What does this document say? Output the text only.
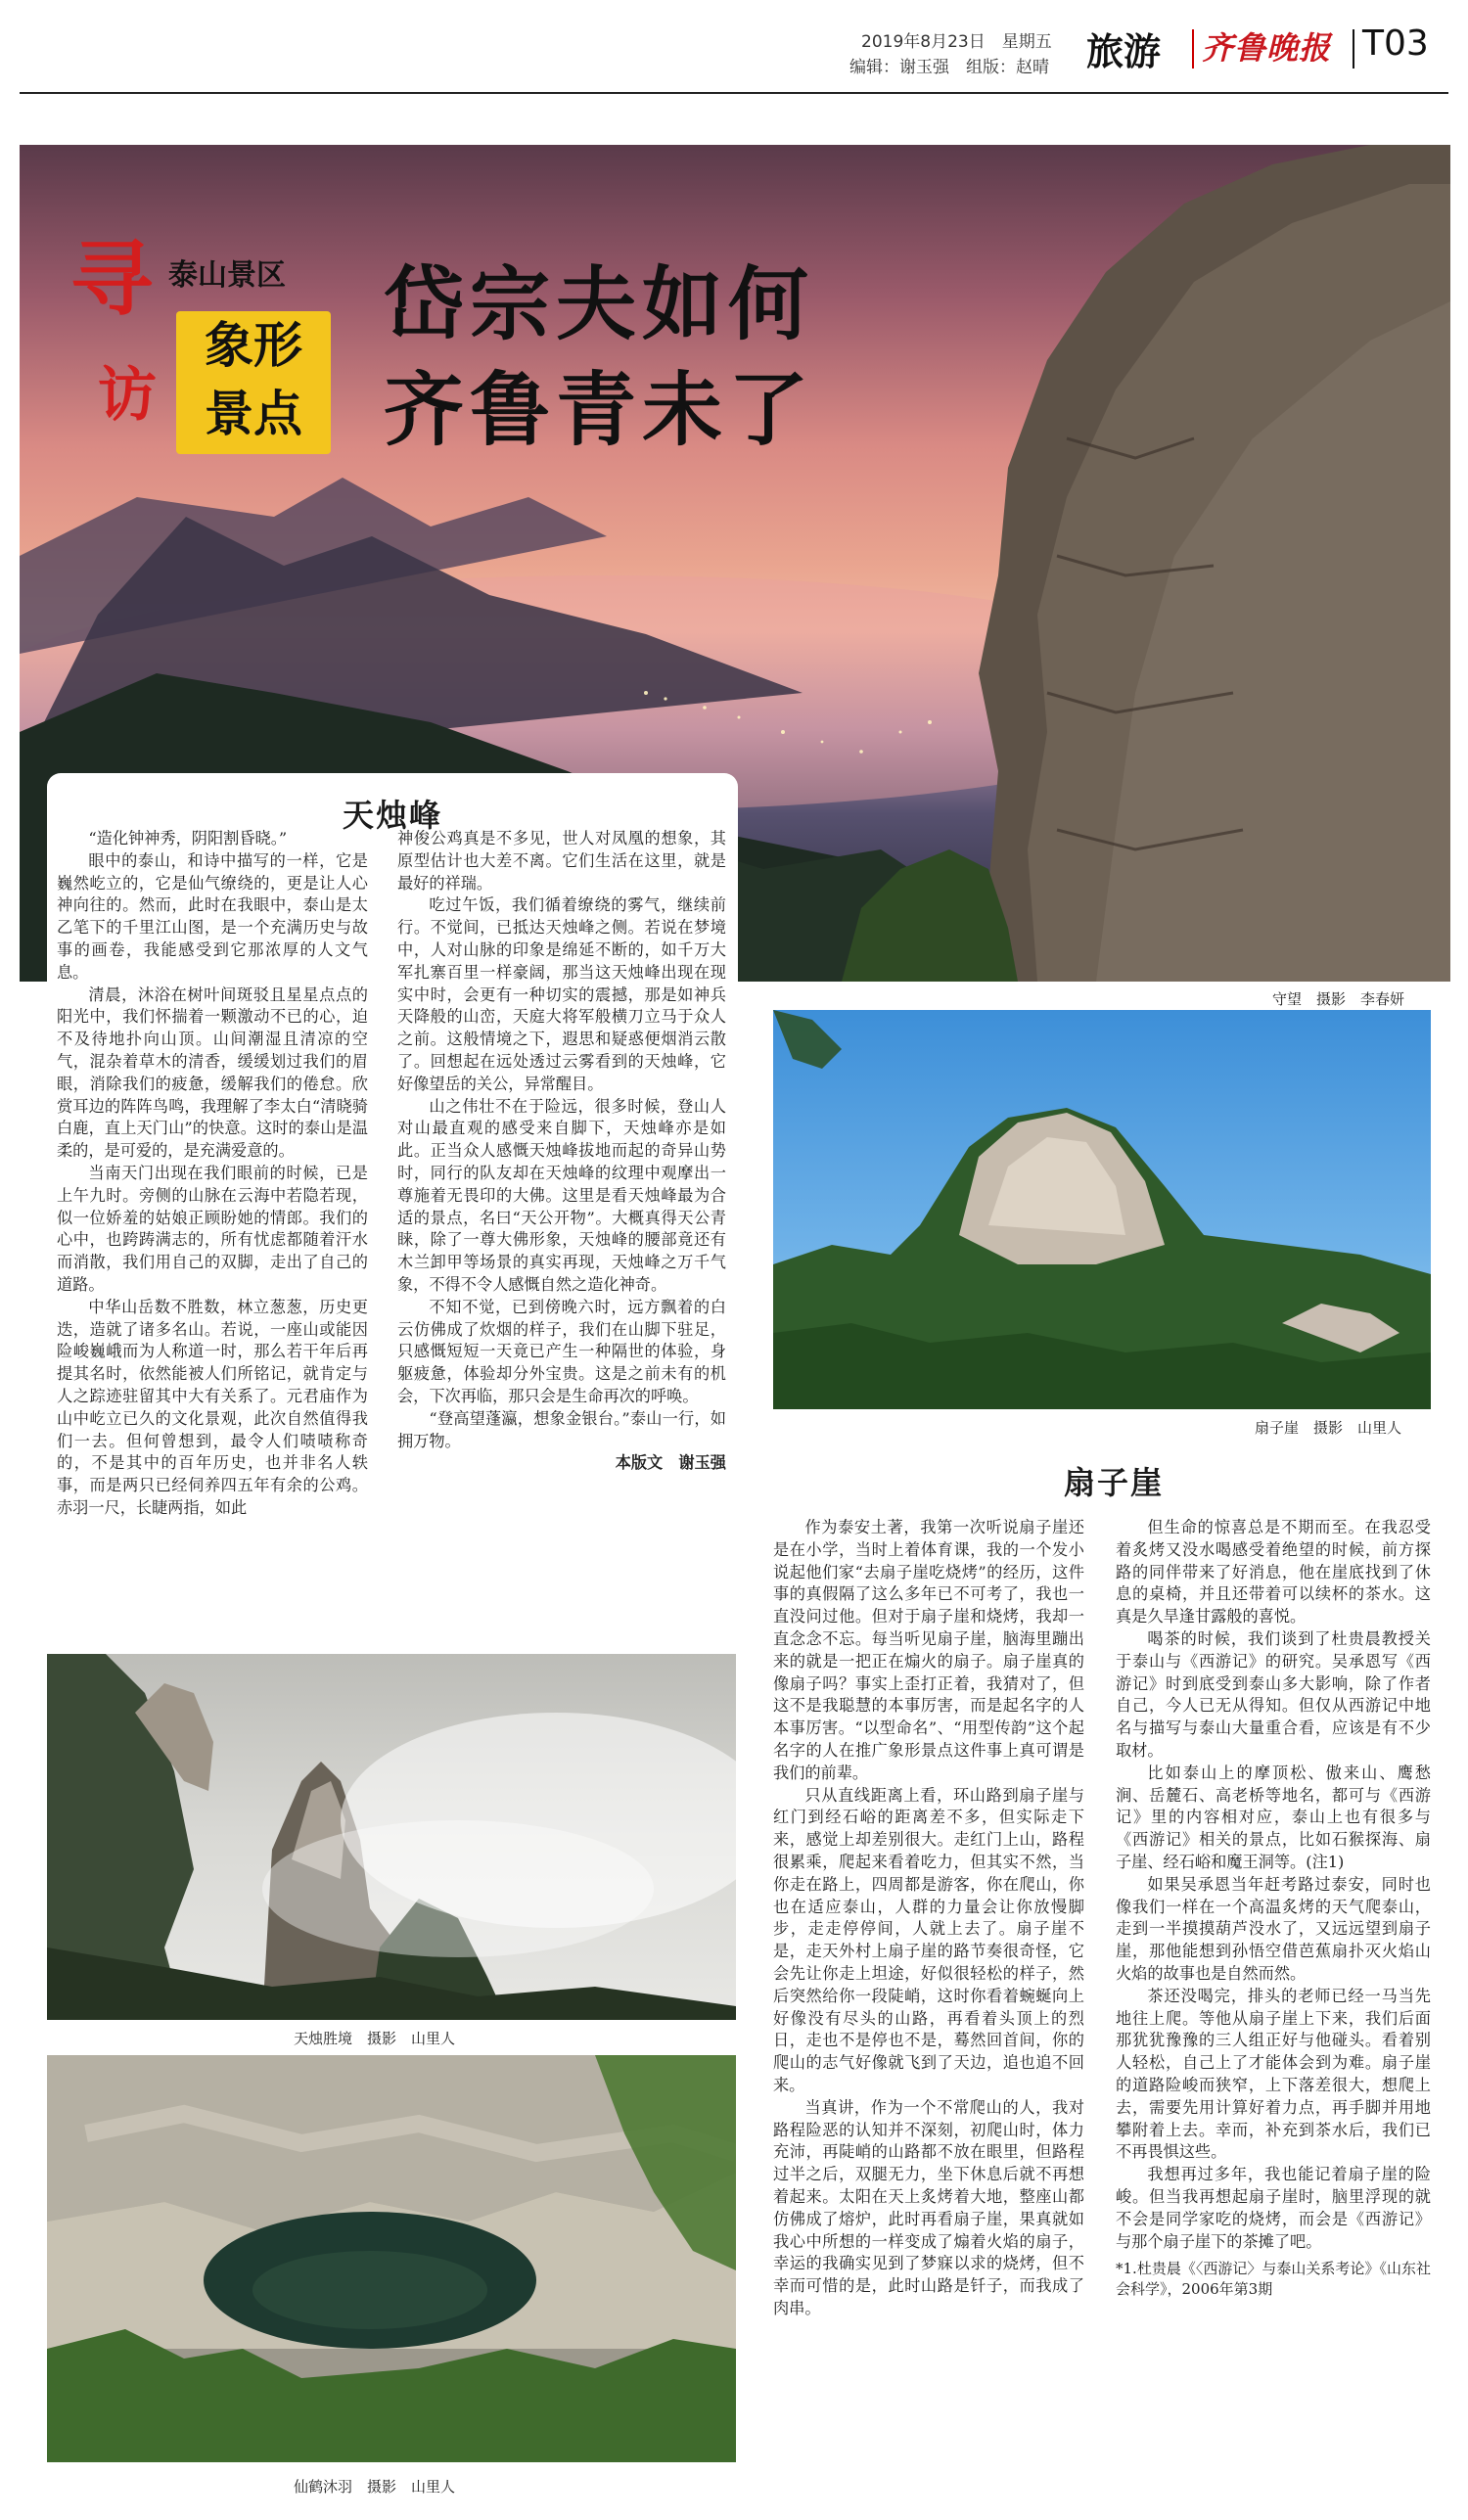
2019年8月23日　星期五
编辑：谢玉强　组版：赵晴 旅游 齐鲁晚报 T03
寻
访
泰山景区
象形
景点
岱宗夫如何
齐鲁青未了
守望　摄影　李春妍
天烛峰

“造化钟神秀，阴阳割昏晓。”

眼中的泰山，和诗中描写的一样，它是巍然屹立的，它是仙气缭绕的，更是让人心神向往的。然而，此时在我眼中，泰山是太乙笔下的千里江山图，是一个充满历史与故事的画卷，我能感受到它那浓厚的人文气息。

清晨，沐浴在树叶间斑驳且星星点点的阳光中，我们怀揣着一颗激动不已的心，迫不及待地扑向山顶。山间潮湿且清凉的空气，混杂着草木的清香，缓缓划过我们的眉眼，消除我们的疲惫，缓解我们的倦怠。欣赏耳边的阵阵鸟鸣，我理解了李太白“清晓骑白鹿，直上天门山”的快意。这时的泰山是温柔的，是可爱的，是充满爱意的。

当南天门出现在我们眼前的时候，已是上午九时。旁侧的山脉在云海中若隐若现，似一位娇羞的姑娘正顾盼她的情郎。我们的心中，也跨踌满志的，所有忧虑都随着汗水而消散，我们用自己的双脚，走出了自己的道路。

中华山岳数不胜数，林立葱葱，历史更迭，造就了诸多名山。若说，一座山或能因险峻巍峨而为人称道一时，那么若干年后再提其名时，依然能被人们所铭记，就肯定与人之踪迹驻留其中大有关系了。元君庙作为山中屹立已久的文化景观，此次自然值得我们一去。但何曾想到，最令人们啧啧称奇的，不是其中的百年历史，也并非名人轶事，而是两只已经伺养四五年有余的公鸡。赤羽一尺，长睫两指，如此

神俊公鸡真是不多见，世人对凤凰的想象，其原型估计也大差不离。它们生活在这里，就是最好的祥瑞。

吃过午饭，我们循着缭绕的雾气，继续前行。不觉间，已抵达天烛峰之侧。若说在梦境中，人对山脉的印象是绵延不断的，如千万大军扎寨百里一样豪阔，那当这天烛峰出现在现实中时，会更有一种切实的震撼，那是如神兵天降般的山峦，天庭大将军般横刀立马于众人之前。这般情境之下，遐思和疑惑便烟消云散了。回想起在远处透过云雾看到的天烛峰，它好像望岳的关公，异常醒目。

山之伟壮不在于险远，很多时候，登山人对山最直观的感受来自脚下，天烛峰亦是如此。正当众人感慨天烛峰拔地而起的奇异山势时，同行的队友却在天烛峰的纹理中观摩出一尊施着无畏印的大佛。这里是看天烛峰最为合适的景点，名曰“天公开物”。大概真得天公青睐，除了一尊大佛形象，天烛峰的腰部竟还有木兰卸甲等场景的真实再现，天烛峰之万千气象，不得不令人感慨自然之造化神奇。

不知不觉，已到傍晚六时，远方飘着的白云仿佛成了炊烟的样子，我们在山脚下驻足，只感慨短短一天竟已产生一种隔世的体验，身躯疲惫，体验却分外宝贵。这是之前未有的机会，下次再临，那只会是生命再次的呼唤。

“登高望蓬瀛，想象金银台。”泰山一行，如拥万物。

本版文　谢玉强

扇子崖　摄影　山里人
天烛胜境　摄影　山里人
仙鹤沐羽　摄影　山里人
扇子崖

作为泰安土著，我第一次听说扇子崖还是在小学，当时上着体育课，我的一个发小说起他们家“去扇子崖吃烧烤”的经历，这件事的真假隔了这么多年已不可考了，我也一直没问过他。但对于扇子崖和烧烤，我却一直念念不忘。每当听见扇子崖，脑海里蹦出来的就是一把正在煽火的扇子。扇子崖真的像扇子吗？事实上歪打正着，我猜对了，但这不是我聪慧的本事厉害，而是起名字的人本事厉害。“以型命名”、“用型传韵”这个起名字的人在推广象形景点这件事上真可谓是我们的前辈。

只从直线距离上看，环山路到扇子崖与红门到经石峪的距离差不多，但实际走下来，感觉上却差别很大。走红门上山，路程很累乘，爬起来看着吃力，但其实不然，当你走在路上，四周都是游客，你在爬山，你也在适应泰山，人群的力量会让你放慢脚步，走走停停间，人就上去了。扇子崖不是，走天外村上扇子崖的路节奏很奇怪，它会先让你走上坦途，好似很轻松的样子，然后突然给你一段陡峭，这时你看着蜿蜒向上好像没有尽头的山路，再看着头顶上的烈日，走也不是停也不是，蓦然回首间，你的爬山的志气好像就飞到了天边，追也追不回来。

当真讲，作为一个不常爬山的人，我对路程险恶的认知并不深刻，初爬山时，体力充沛，再陡峭的山路都不放在眼里，但路程过半之后，双腿无力，坐下休息后就不再想着起来。太阳在天上炙烤着大地，整座山都仿佛成了熔炉，此时再看扇子崖，果真就如我心中所想的一样变成了煽着火焰的扇子，幸运的我确实见到了梦寐以求的烧烤，但不幸而可惜的是，此时山路是钎子，而我成了肉串。

但生命的惊喜总是不期而至。在我忍受着炙烤又没水喝感受着绝望的时候，前方探路的同伴带来了好消息，他在崖底找到了休息的桌椅，并且还带着可以续杯的茶水。这真是久旱逢甘露般的喜悦。

喝茶的时候，我们谈到了杜贵晨教授关于泰山与《西游记》的研究。吴承恩写《西游记》时到底受到泰山多大影响，除了作者自己，今人已无从得知。但仅从西游记中地名与描写与泰山大量重合看，应该是有不少取材。

比如泰山上的摩顶松、傲来山、鹰愁涧、岳麓石、高老桥等地名，都可与《西游记》里的内容相对应，泰山上也有很多与《西游记》相关的景点，比如石猴探海、扇子崖、经石峪和魔王洞等。(注1)

如果吴承恩当年赶考路过泰安，同时也像我们一样在一个高温炙烤的天气爬泰山，走到一半摸摸葫芦没水了，又远远望到扇子崖，那他能想到孙悟空借芭蕉扇扑灭火焰山火焰的故事也是自然而然。

茶还没喝完，排头的老师已经一马当先地往上爬。等他从扇子崖上下来，我们后面那犹犹豫豫的三人组正好与他碰头。看着别人轻松，自己上了才能体会到为难。扇子崖的道路险峻而狭窄，上下落差很大，想爬上去，需要先用计算好着力点，再手脚并用地攀附着上去。幸而，补充到茶水后，我们已不再畏惧这些。

我想再过多年，我也能记着扇子崖的险峻。但当我再想起扇子崖时，脑里浮现的就不会是同学家吃的烧烤，而会是《西游记》与那个扇子崖下的茶摊了吧。

*1.杜贵晨《〈西游记〉与泰山关系考论》《山东社会科学》，2006年第3期
